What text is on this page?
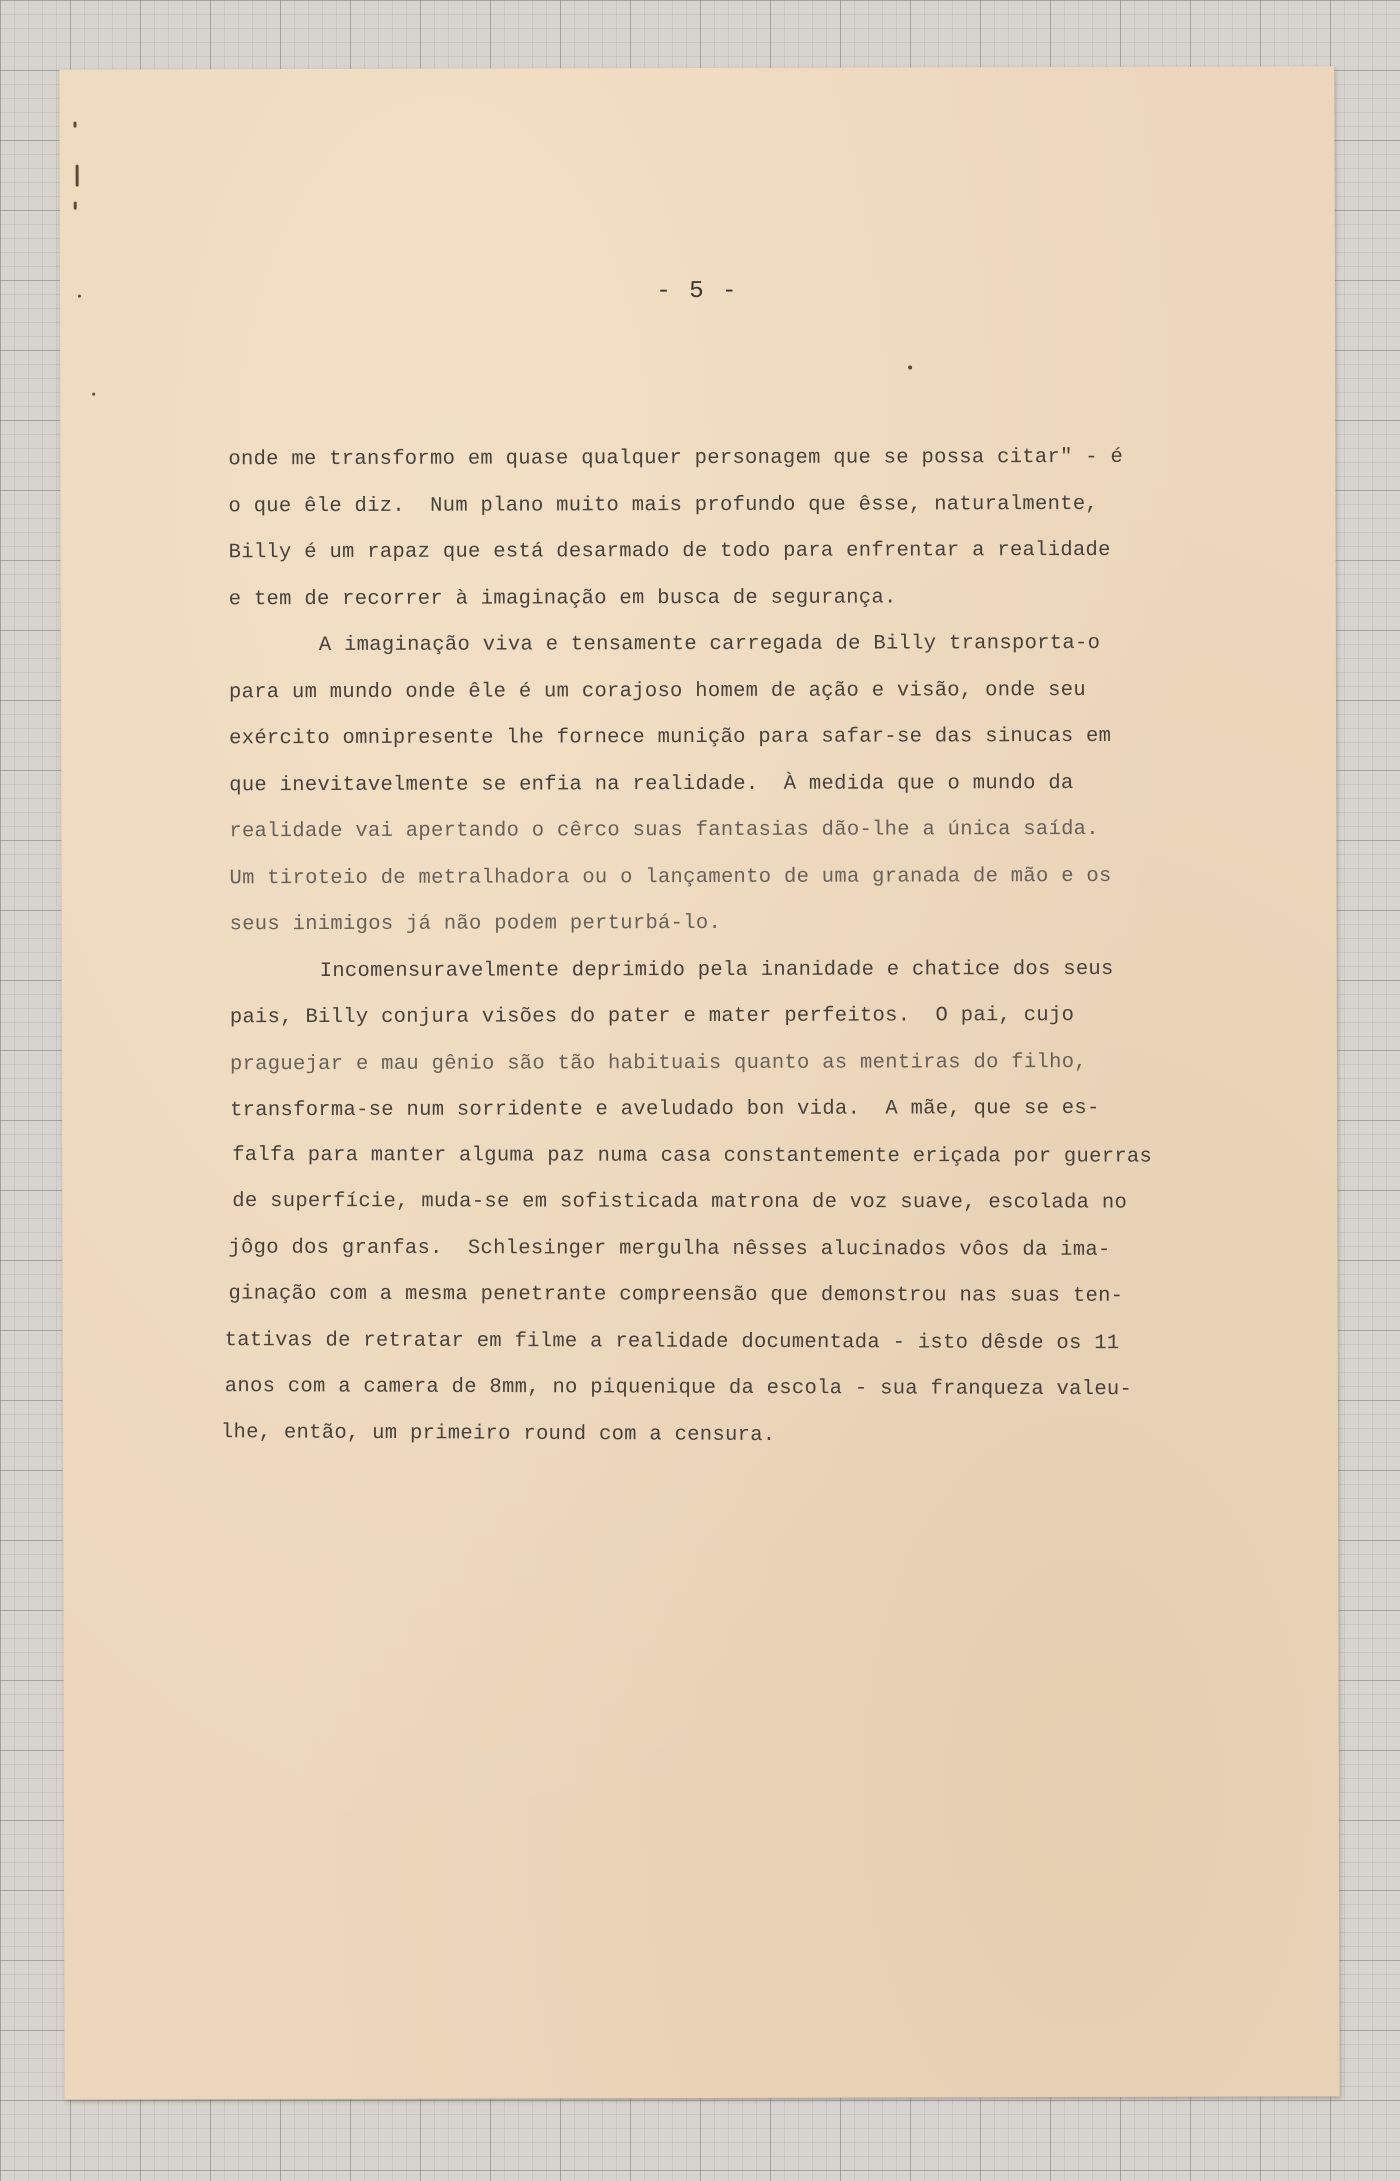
- 5 -

onde me transformo em quase qualquer personagem que se possa citar" - é
o que êle diz.  Num plano muito mais profundo que êsse, naturalmente,
Billy é um rapaz que está desarmado de todo para enfrentar a realidade
e tem de recorrer à imaginação em busca de segurança.

A imaginação viva e tensamente carregada de Billy transporta-o
para um mundo onde êle é um corajoso homem de ação e visão, onde seu
exército omnipresente lhe fornece munição para safar-se das sinucas em
que inevitavelmente se enfia na realidade.  À medida que o mundo da
realidade vai apertando o cêrco suas fantasias dão-lhe a única saída.
Um tiroteio de metralhadora ou o lançamento de uma granada de mão e os
seus inimigos já não podem perturbá-lo.

Incomensuravelmente deprimido pela inanidade e chatice dos seus
pais, Billy conjura visões do pater e mater perfeitos.  O pai, cujo
praguejar e mau gênio são tão habituais quanto as mentiras do filho,
transforma-se num sorridente e aveludado bon vida.  A mãe, que se es-
falfa para manter alguma paz numa casa constantemente eriçada por guerras
de superfície, muda-se em sofisticada matrona de voz suave, escolada no
jôgo dos granfas.  Schlesinger mergulha nêsses alucinados vôos da ima-
ginação com a mesma penetrante compreensão que demonstrou nas suas ten-
tativas de retratar em filme a realidade documentada - isto dêsde os 11
anos com a camera de 8mm, no piquenique da escola - sua franqueza valeu-
lhe, então, um primeiro round com a censura.
